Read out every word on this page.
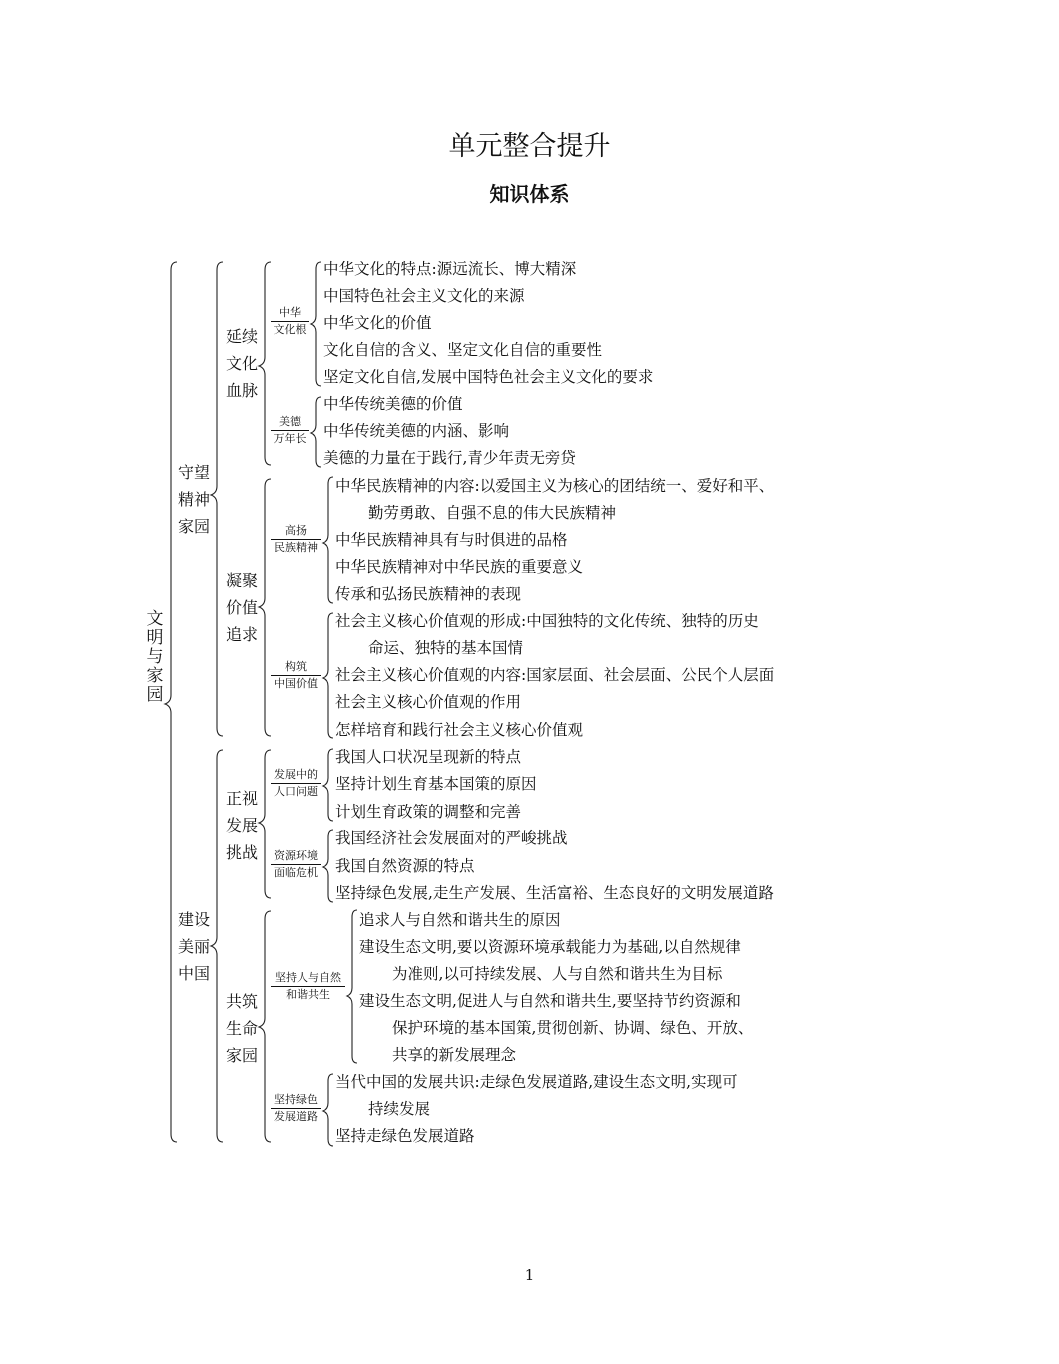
单元整合提升
知识体系
文明与家园
守望精神家园
建设美丽中国
延续文化血脉
凝聚价值追求
正视发展挑战
共筑生命家园
中华
文化根
美德
万年长
高扬
民族精神
构筑
中国价值
发展中的
人口问题
资源环境
面临危机
坚持人与自然
和谐共生
坚持绿色
发展道路
中华文化的特点:源远流长、博大精深
中国特色社会主义文化的来源
中华文化的价值
文化自信的含义、坚定文化自信的重要性
坚定文化自信,发展中国特色社会主义文化的要求
中华传统美德的价值
中华传统美德的内涵、影响
美德的力量在于践行,青少年责无旁贷
中华民族精神的内容:以爱国主义为核心的团结统一、爱好和平、
勤劳勇敢、自强不息的伟大民族精神
中华民族精神具有与时俱进的品格
中华民族精神对中华民族的重要意义
传承和弘扬民族精神的表现
社会主义核心价值观的形成:中国独特的文化传统、独特的历史
命运、独特的基本国情
社会主义核心价值观的内容:国家层面、社会层面、公民个人层面
社会主义核心价值观的作用
怎样培育和践行社会主义核心价值观
我国人口状况呈现新的特点
坚持计划生育基本国策的原因
计划生育政策的调整和完善
我国经济社会发展面对的严峻挑战
我国自然资源的特点
坚持绿色发展,走生产发展、生活富裕、生态良好的文明发展道路
追求人与自然和谐共生的原因
建设生态文明,要以资源环境承载能力为基础,以自然规律
为准则,以可持续发展、人与自然和谐共生为目标
建设生态文明,促进人与自然和谐共生,要坚持节约资源和
保护环境的基本国策,贯彻创新、协调、绿色、开放、
共享的新发展理念
当代中国的发展共识:走绿色发展道路,建设生态文明,实现可
持续发展
坚持走绿色发展道路
1
